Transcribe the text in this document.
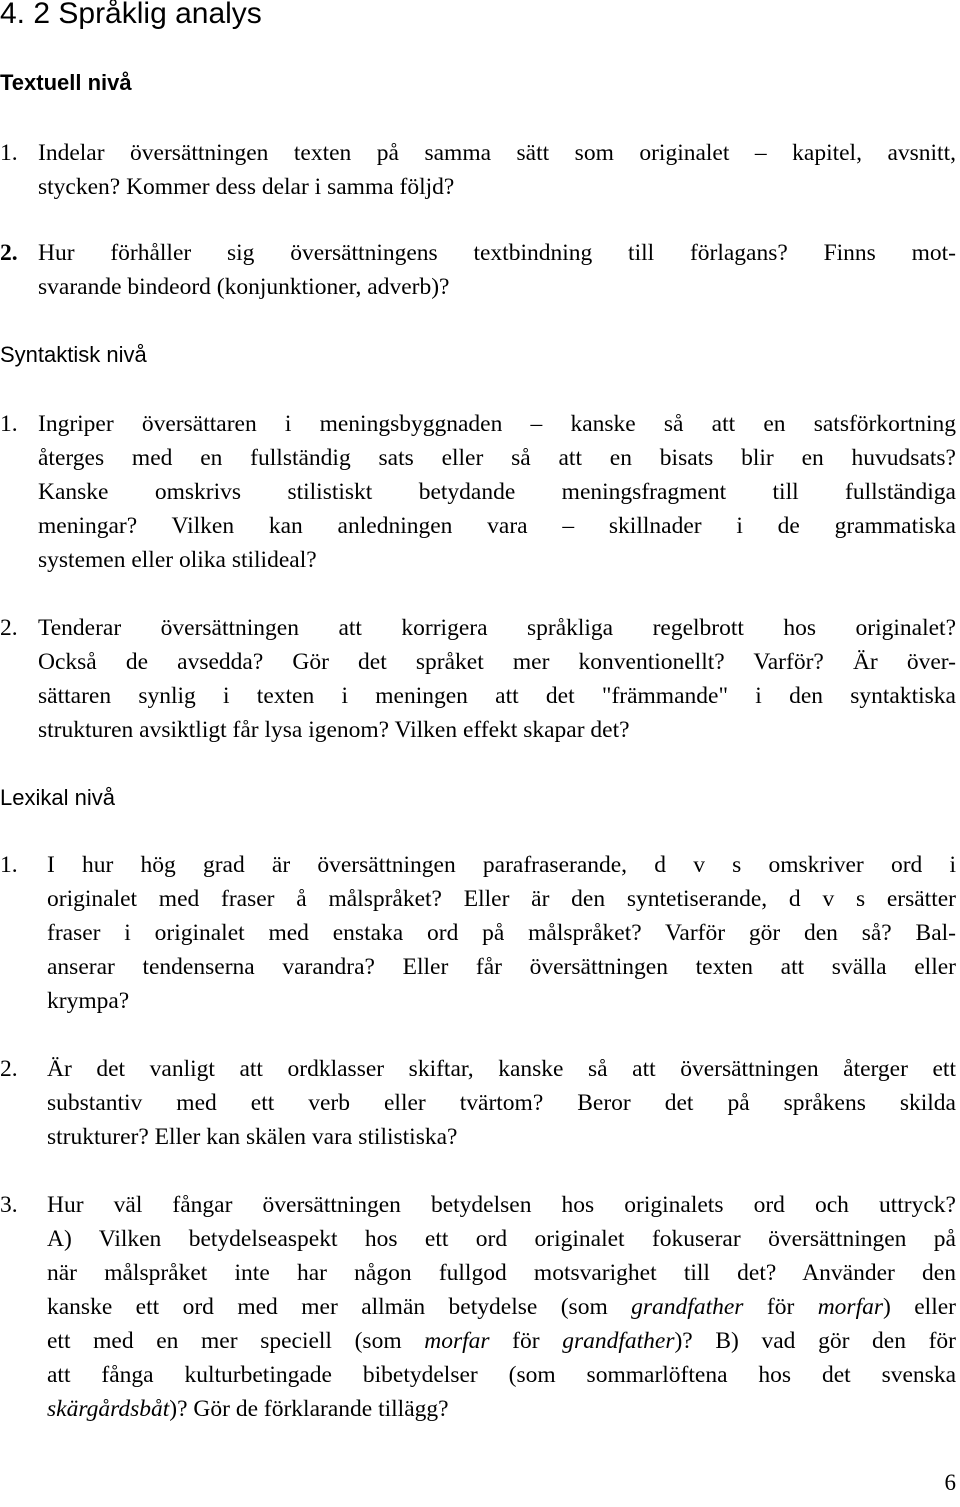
4. 2 Språklig analys
Textuell nivå
1. Indelar översättningen texten på samma sätt som originalet – kapitel, avsnitt,
stycken? Kommer dess delar i samma följd?
2. Hur förhåller sig översättningens textbindning till förlagans? Finns mot-
svarande bindeord (konjunktioner, adverb)?
Syntaktisk nivå
1. Ingriper översättaren i meningsbyggnaden – kanske så att en satsförkortning
återges med en fullständig sats eller så att en bisats blir en huvudsats?
Kanske omskrivs stilistiskt betydande meningsfragment till fullständiga
meningar? Vilken kan anledningen vara – skillnader i de grammatiska
systemen eller olika stilideal?
2. Tenderar översättningen att korrigera språkliga regelbrott hos originalet?
Också de avsedda? Gör det språket mer konventionellt? Varför? Är över-
sättaren synlig i texten i meningen att det "främmande" i den syntaktiska
strukturen avsiktligt får lysa igenom? Vilken effekt skapar det?
Lexikal nivå
1. I hur hög grad är översättningen parafraserande, d v s omskriver ord i
originalet med fraser å målspråket? Eller är den syntetiserande, d v s ersätter
fraser i originalet med enstaka ord på målspråket? Varför gör den så? Bal-
anserar tendenserna varandra? Eller får översättningen texten att svälla eller
krympa?
2. Är det vanligt att ordklasser skiftar, kanske så att översättningen återger ett
substantiv med ett verb eller tvärtom? Beror det på språkens skilda
strukturer? Eller kan skälen vara stilistiska?
3. Hur väl fångar översättningen betydelsen hos originalets ord och uttryck?
A) Vilken betydelseaspekt hos ett ord originalet fokuserar översättningen på
när målspråket inte har någon fullgod motsvarighet till det? Använder den
kanske ett ord med mer allmän betydelse (som grandfather för morfar) eller
ett med en mer speciell (som morfar för grandfather)? B) vad gör den för
att fånga kulturbetingade bibetydelser (som sommarlöftena hos det svenska
skärgårdsbåt)? Gör de förklarande tillägg?
6
